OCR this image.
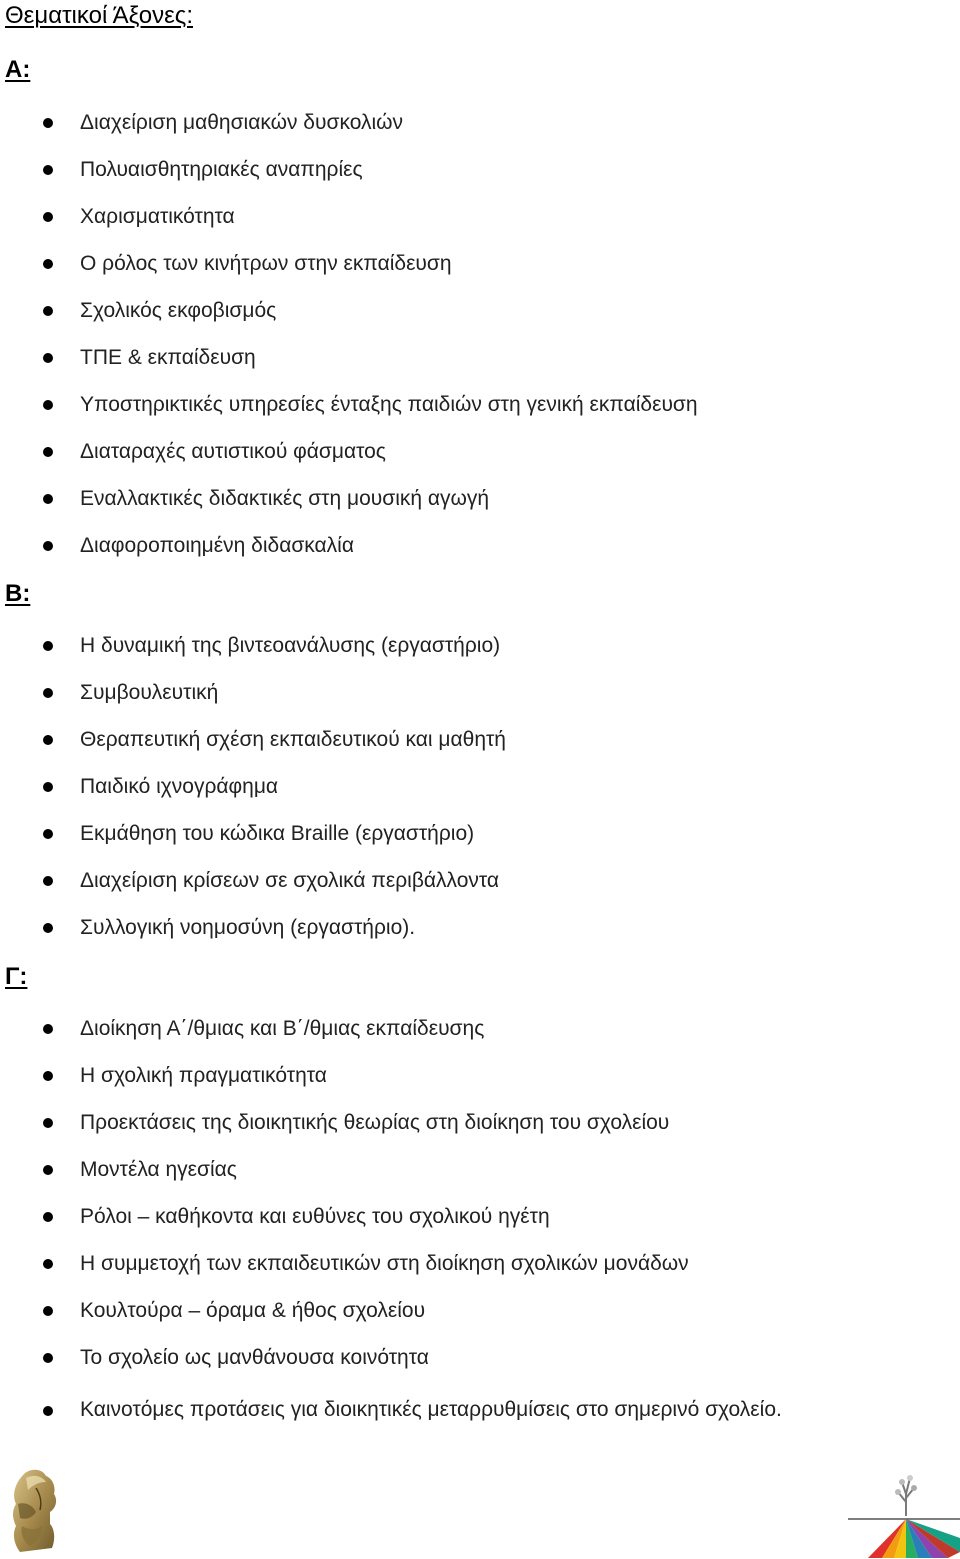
Θεματικοί Άξονες:
Α:
Διαχείριση μαθησιακών δυσκολιών
Πολυαισθητηριακές αναπηρίες
Χαρισματικότητα
Ο ρόλος των κινήτρων στην εκπαίδευση
Σχολικός εκφοβισμός
ΤΠΕ & εκπαίδευση
Υποστηρικτικές υπηρεσίες ένταξης παιδιών στη γενική εκπαίδευση
Διαταραχές αυτιστικού φάσματος
Εναλλακτικές διδακτικές στη μουσική αγωγή
Διαφοροποιημένη διδασκαλία
Β:
Η δυναμική της βιντεοανάλυσης (εργαστήριο)
Συμβουλευτική
Θεραπευτική σχέση εκπαιδευτικού και μαθητή
Παιδικό ιχνογράφημα
Εκμάθηση του κώδικα Braille (εργαστήριο)
Διαχείριση κρίσεων σε σχολικά περιβάλλοντα
Συλλογική νοημοσύνη (εργαστήριο).
Γ:
Διοίκηση Α΄/θμιας και Β΄/θμιας εκπαίδευσης
Η σχολική πραγματικότητα
Προεκτάσεις της διοικητικής θεωρίας στη διοίκηση του σχολείου
Μοντέλα ηγεσίας
Ρόλοι – καθήκοντα και ευθύνες του σχολικού ηγέτη
Η συμμετοχή των εκπαιδευτικών στη διοίκηση σχολικών μονάδων
Κουλτούρα – όραμα & ήθος σχολείου
Το σχολείο ως μανθάνουσα κοινότητα
Καινοτόμες προτάσεις για διοικητικές μεταρρυθμίσεις στο σημερινό σχολείο.
